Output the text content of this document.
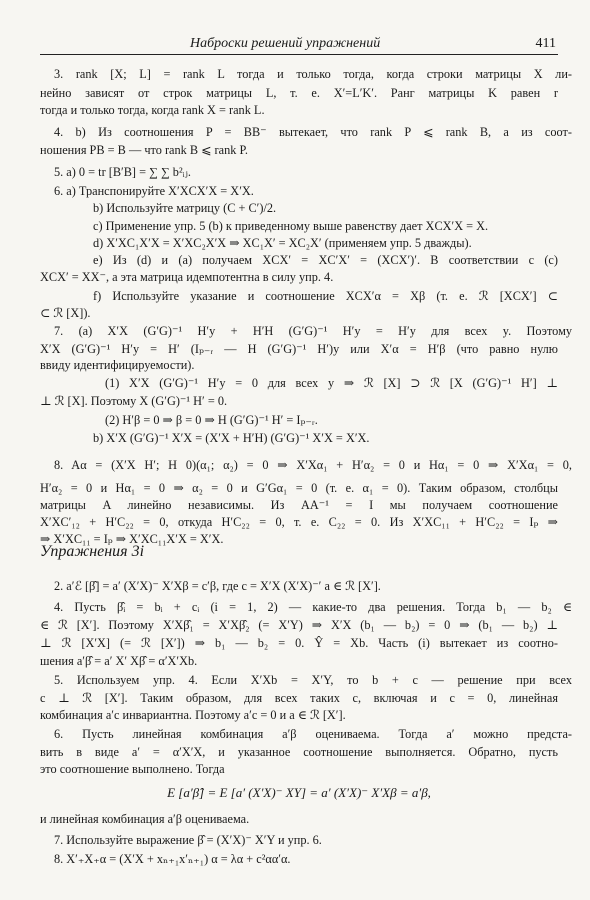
Наброски решений упражнений	411
3. rank [X; L] = rank L тогда и только тогда, когда строки матрицы X ли-
нейно зависят от строк матрицы L, т. е. X′=L′K′. Ранг матрицы K равен r
тогда и только тогда, когда rank X = rank L.
4. b) Из соотношения P = BB⁻ вытекает, что rank P ⩽ rank B, а из соот-
ношения PB = B — что rank B ⩽ rank P.
5. a) 0 = tr [B′B] = ∑ ∑ b²ᵢⱼ.
6. a) Транспонируйте X′XCX′X = X′X.
b) Используйте матрицу (C + C′)/2.
c) Применение упр. 5 (b) к приведенному выше равенству дает XCX′X = X.
d) X′XC₁X′X = X′XC₂X′X ⇒ XC₁X′ = XC₂X′ (применяем упр. 5 дважды).
e) Из (d) и (a) получаем XCX′ = XC′X′ = (XCX′)′. В соответствии с (c)
XCX′ = XX⁻, а эта матрица идемпотентна в силу упр. 4.
f) Используйте указание и соотношение XCX′α = Xβ (т. е. ℛ [XCX′] ⊂
⊂ ℛ [X]).
7. (a) X′X (G′G)⁻¹ H′y + H′H (G′G)⁻¹ H′y = H′y для всех y. Поэтому
X′X (G′G)⁻¹ H′y = H′ (Iₚ₋ᵣ — H (G′G)⁻¹ H′)y или X′α = H′β (что равно нулю
ввиду идентифицируемости).
(1) X′X (G′G)⁻¹ H′y = 0 для всех y ⇒ ℛ [X] ⊃ ℛ [X (G′G)⁻¹ H′] ⊥
⊥ ℛ [X]. Поэтому X (G′G)⁻¹ H′ = 0.
(2) H′β = 0 ⇒ β = 0 ⇒ H (G′G)⁻¹ H′ = Iₚ₋ᵣ.
b) X′X (G′G)⁻¹ X′X = (X′X + H′H) (G′G)⁻¹ X′X = X′X.
8. Aα = (X′X H′; H 0)(α₁; α₂) = 0 ⇒ X′Xα₁ + H′α₂ = 0 и Hα₁ = 0 ⇒ X′Xα₁ = 0,
H′α₂ = 0 и Hα₁ = 0 ⇒ α₂ = 0 и G′Gα₁ = 0 (т. е. α₁ = 0). Таким образом, столбцы
матрицы A линейно независимы. Из AA⁻¹ = I мы получаем соотношение
X′XC′₁₂ + H′C₂₂ = 0, откуда H′C₂₂ = 0, т. е. C₂₂ = 0. Из X′XC₁₁ + H′C₂₂ = Iₚ ⇒
⇒ X′XC₁₁ = Iₚ ⇒ X′XC₁₁X′X = X′X.
Упражнения 3i
2. a′ℰ [β̂] = a′ (X′X)⁻ X′Xβ = c′β, где c = X′X (X′X)⁻′ a ∈ ℛ [X′].
4. Пусть β̂ᵢ = bᵢ + cᵢ (i = 1, 2) — какие-то два решения. Тогда b₁ — b₂ ∈
∈ ℛ [X′]. Поэтому X′Xβ̂₁ = X′Xβ̂₂ (= X′Y) ⇒ X′X (b₁ — b₂) = 0 ⇒ (b₁ — b₂) ⊥
⊥ ℛ [X′X] (= ℛ [X′]) ⇒ b₁ — b₂ = 0. Ŷ = Xb. Часть (i) вытекает из соотно-
шения a′β̂ = a′ X′ Xβ̂ = α′X′Xb.
5. Используем упр. 4. Если X′Xb = X′Y, то b + c — решение при всех
c ⊥ ℛ [X′]. Таким образом, для всех таких c, включая и c = 0, линейная
комбинация a′c инвариантна. Поэтому a′c = 0 и a ∈ ℛ [X′].
6. Пусть линейная комбинация a′β оцениваема. Тогда a′ можно предста-
вить в виде a′ = α′X′X, и указанное соотношение выполняется. Обратно, пусть
это соотношение выполнено. Тогда
E [a′β̂] = E [a′ (X′X)⁻ XY] = a′ (X′X)⁻ X′Xβ = a′β,
и линейная комбинация a′β оцениваема.
7. Используйте выражение β̂ = (X′X)⁻ X′Y и упр. 6.
8. X′₊X₊α = (X′X + xₙ₊₁x′ₙ₊₁) α = λα + c²αα′α.
